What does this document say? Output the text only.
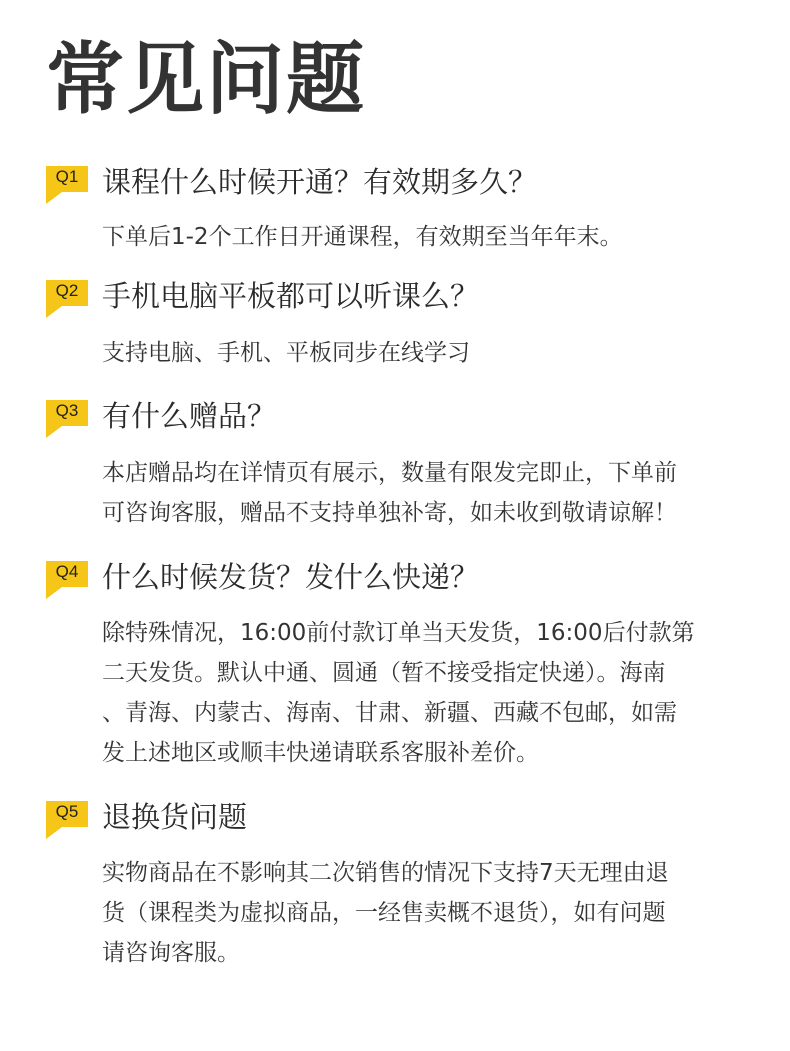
常见问题
Q1 课程什么时候开通？有效期多久？

下单后1-2个工作日开通课程，有效期至当年年末。

Q2 手机电脑平板都可以听课么？

支持电脑、手机、平板同步在线学习

Q3 有什么赠品？

本店赠品均在详情页有展示，数量有限发完即止，下单前
可咨询客服，赠品不支持单独补寄，如未收到敬请谅解！

Q4 什么时候发货？发什么快递？

除特殊情况，16:00前付款订单当天发货，16:00后付款第
二天发货。默认中通、圆通（暂不接受指定快递）。海南
、青海、内蒙古、海南、甘肃、新疆、西藏不包邮，如需
发上述地区或顺丰快递请联系客服补差价。

Q5 退换货问题

实物商品在不影响其二次销售的情况下支持7天无理由退
货（课程类为虚拟商品，一经售卖概不退货），如有问题
请咨询客服。
